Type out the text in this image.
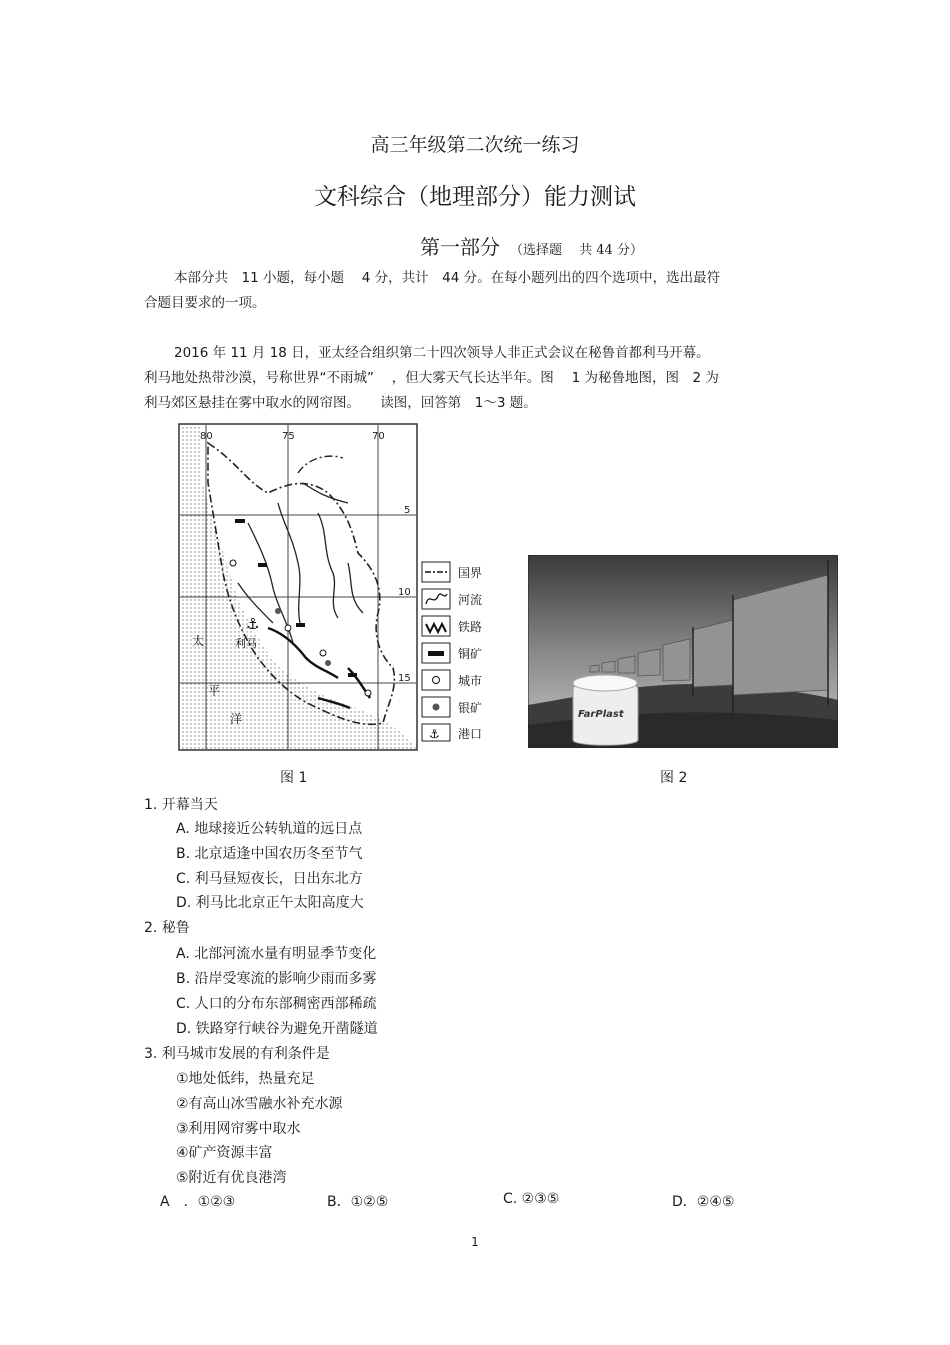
高三年级第二次统一练习
文科综合（地理部分）能力测试
第一部分 （选择题　 共 44 分）
本部分共　11 小题，每小题　 4 分，共计　44 分。在每小题列出的四个选项中，选出最符
合题目要求的一项。
2016 年 11 月 18 日，亚太经合组织第二十四次领导人非正式会议在秘鲁首都利马开幕。
利马地处热带沙漠，号称世界“不雨城”　 ，但大雾天气长达半年。图　 1 为秘鲁地图，图　2 为
利马郊区悬挂在雾中取水的网帘图。　　读图，回答第　1～3 题。
⚓
80	75	70
5
10
15
太
平
洋
利马
⚓
国界
河流
铁路
铜矿
城市
银矿
港口
FarPlast
图 1	图 2
1. 开幕当天
A. 地球接近公转轨道的远日点
B. 北京适逢中国农历冬至节气
C. 利马昼短夜长，日出东北方
D. 利马比北京正午太阳高度大
2. 秘鲁
A. 北部河流水量有明显季节变化
B. 沿岸受寒流的影响少雨而多雾
C. 人口的分布东部稠密西部稀疏
D. 铁路穿行峡谷为避免开凿隧道
3. 利马城市发展的有利条件是
①地处低纬，热量充足
②有高山冰雪融水补充水源
③利用网帘雾中取水
④矿产资源丰富
⑤附近有优良港湾
A　．①②③	B．①②⑤	C. ②③⑤	D．②④⑤
1
